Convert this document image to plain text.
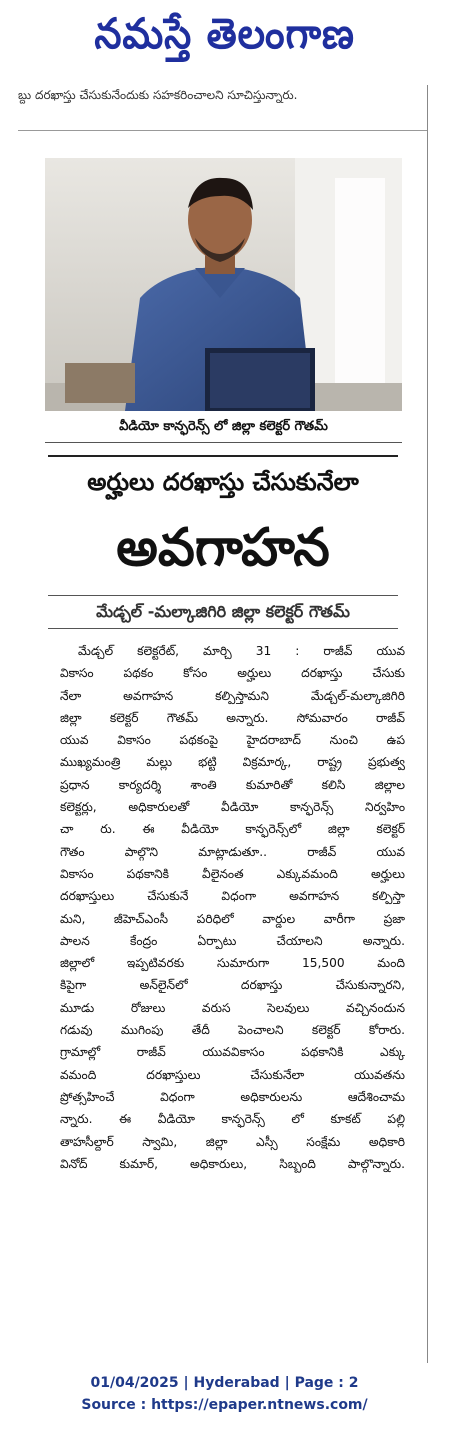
నమస్తే తెలంగాణ
బ్దు దరఖాస్తు చేసుకునేందుకు సహకరించాలని సూచిస్తున్నారు.
వీడియో కాన్ఫరెన్స్‌ లో జిల్లా కలెక్టర్ గౌతమ్
అర్హులు దరఖాస్తు చేసుకునేలా
అవగాహన
మేడ్చల్ -మల్కాజిగిరి జిల్లా కలెక్టర్ గౌతమ్
మేడ్చల్ కలెక్టరేట్, మార్చి 31 : రాజీవ్ యువ
వికాసం పథకం కోసం అర్హులు దరఖాస్తు చేసుకు
నేలా అవగాహన కల్పిస్తామని మేడ్చల్-మల్కాజిగిరి
జిల్లా కలెక్టర్ గౌతమ్ అన్నారు. సోమవారం రాజీవ్
యువ వికాసం పథకంపై హైదరాబాద్ నుంచి ఉప
ముఖ్యమంత్రి మల్లు భట్టి విక్రమార్క, రాష్ట్ర ప్రభుత్వ
ప్రధాన కార్యదర్శి శాంతి కుమారితో కలిసి జిల్లాల
కలెక్టర్లు, అధికారులతో వీడియో కాన్ఫరెన్స్ నిర్వహిం
చా రు. ఈ వీడియో కాన్ఫరెన్స్‌లో జిల్లా కలెక్టర్
గౌతం పాల్గొని మాట్లాడుతూ.. రాజీవ్ యువ
వికాసం పథకానికి వీలైనంత ఎక్కువమంది అర్హులు
దరఖాస్తులు చేసుకునే విధంగా అవగాహన కల్పిస్తా
మని, జీహెచ్ఎంసీ పరిధిలో వార్డుల వారీగా ప్రజా
పాలన కేంద్రం ఏర్పాటు చేయాలని అన్నారు.
జిల్లాలో ఇప్పటివరకు సుమారుగా 15,500 మంది
కిపైగా అన్‌లైన్‌లో దరఖాస్తు చేసుకున్నారని,
మూడు రోజులు వరుస సెలవులు వచ్చినందున
గడువు ముగింపు తేదీ పెంచాలని కలెక్టర్ కోరారు.
గ్రామాల్లో రాజీవ్ యువవికాసం పథకానికి ఎక్కు
వమంది దరఖాస్తులు చేసుకునేలా యువతను
ప్రోత్సహించే విధంగా అధికారులను ఆదేశించామ
న్నారు. ఈ వీడియో కాన్ఫరెన్స్ లో కూకట్ పల్లి
తాహసీల్దార్ స్వామి, జిల్లా ఎస్సీ సంక్షేమ అధికారి
వినోద్ కుమార్, అధికారులు, సిబ్బంది పాల్గొన్నారు.
01/04/2025 | Hyderabad | Page : 2
Source : https://epaper.ntnews.com/
